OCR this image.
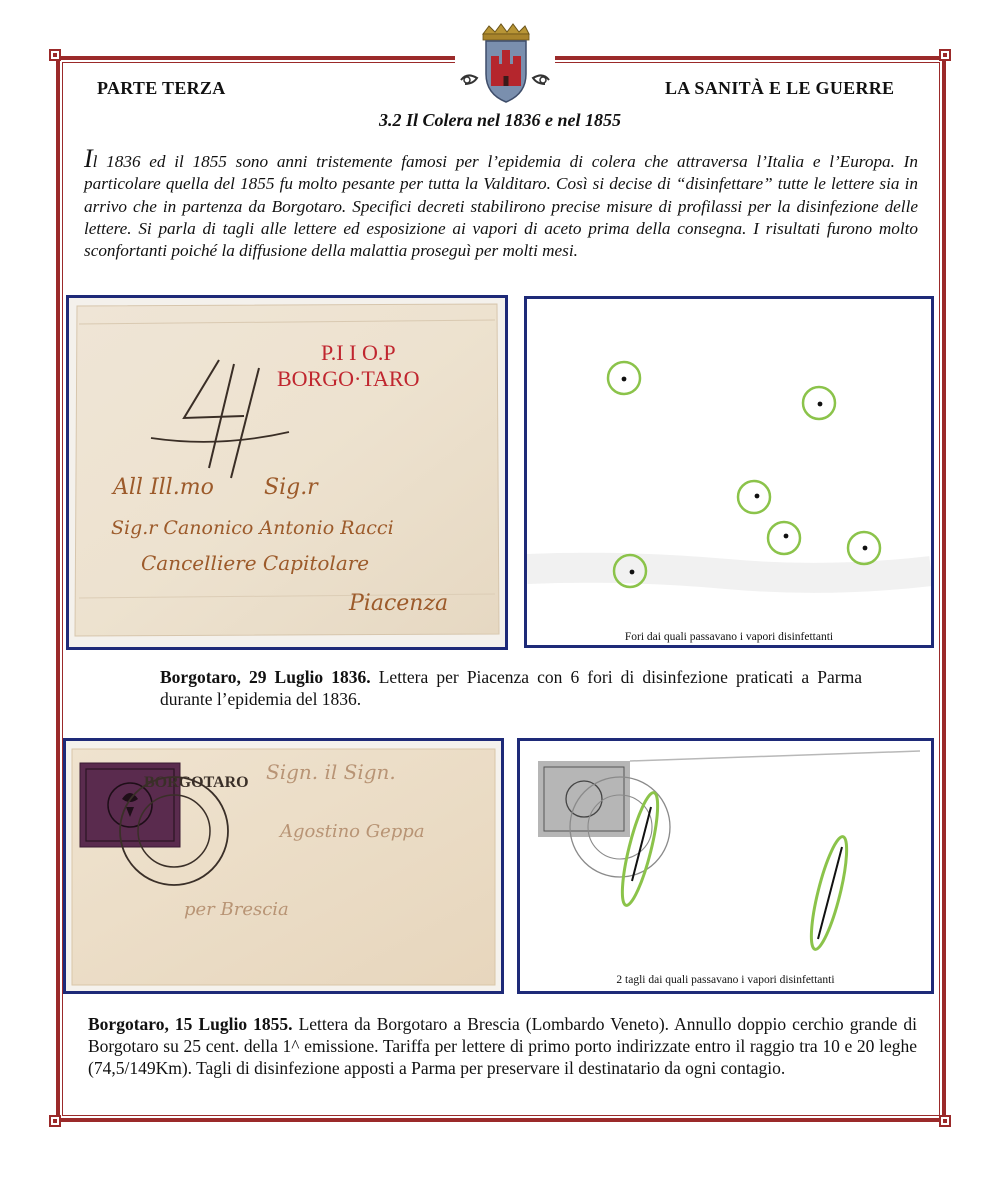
PARTE TERZA	LA SANITÀ E LE GUERRE
3.2 Il Colera nel 1836 e nel 1855
Il 1836 ed il 1855 sono anni tristemente famosi per l’epidemia di colera che attraversa l’Italia e l’Europa. In particolare quella del 1855 fu molto pesante per tutta la Valditaro. Così si decise di “disinfettare” tutte le lettere sia in arrivo che in partenza da Borgotaro. Specifici decreti stabilirono precise misure di profilassi per la disinfezione delle lettere. Si parla di tagli alle lettere ed esposizione ai vapori di aceto prima della consegna. I risultati furono molto sconfortanti poiché la diffusione della malattia proseguì per molti mesi.
P.I I O.P
BORGO·TARO
All Ill.mo Sig.r
Sig.r Canonico Antonio Racci
Cancelliere Capitolare
Piacenza
Fori dai quali passavano i vapori disinfettanti
Borgotaro, 29 Luglio 1836. Lettera per Piacenza con 6 fori di disinfezione praticati a Parma durante l’epidemia del 1836.
BORGOTARO Sign. il Sign.
Agostino Geppa
per Brescia
2 tagli dai quali passavano i vapori disinfettanti
Borgotaro, 15 Luglio 1855. Lettera da Borgotaro a Brescia (Lombardo Veneto). Annullo doppio cerchio grande di Borgotaro su 25 cent. della 1^ emissione. Tariffa per lettere di primo porto indirizzate entro il raggio tra 10 e 20 leghe (74,5/149Km). Tagli di disinfezione apposti a Parma per preservare il destinatario da ogni contagio.
